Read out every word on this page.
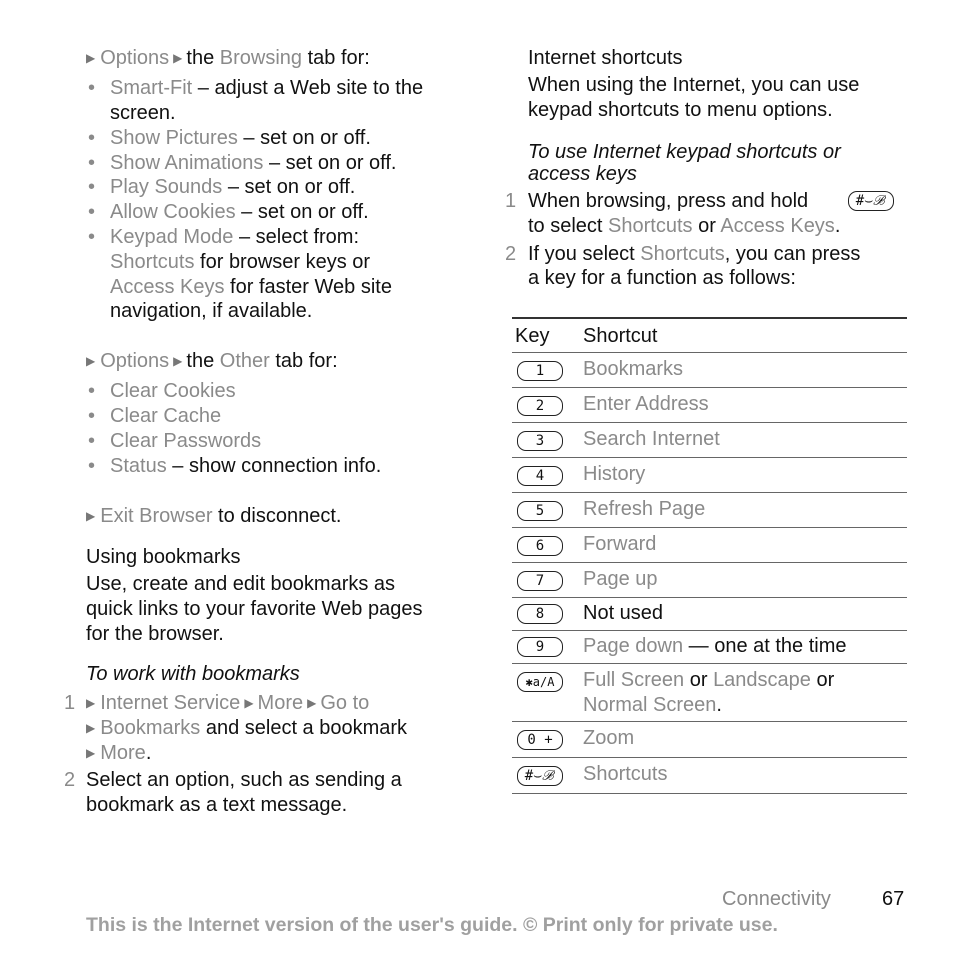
▶ Options ▶ the Browsing tab for:
• Smart-Fit – adjust a Web site to the
screen.
• Show Pictures – set on or off.
• Show Animations – set on or off.
• Play Sounds – set on or off.
• Allow Cookies – set on or off.
• Keypad Mode – select from:
Shortcuts for browser keys or
Access Keys for faster Web site
navigation, if available.
▶ Options ▶ the Other tab for:
• Clear Cookies
• Clear Cache
• Clear Passwords
• Status – show connection info.
▶ Exit Browser to disconnect.
Using bookmarks
Use, create and edit bookmarks as
quick links to your favorite Web pages
for the browser.
To work with bookmarks
1 ▶ Internet Service ▶ More ▶ Go to
▶ Bookmarks and select a bookmark
▶ More.
2 Select an option, such as sending a
bookmark as a text message.
Internet shortcuts
When using the Internet, you can use
keypad shortcuts to menu options.
To use Internet keypad shortcuts or
access keys
1 When browsing, press and hold	#⌣ℬ
to select Shortcuts or Access Keys.
2 If you select Shortcuts, you can press
a key for a function as follows:
Key Shortcut
1	Bookmarks
2	Enter Address
3	Search Internet
4	History
5	Refresh Page
6	Forward
7	Page up
8	Not used
9	Page down — one at the time
✱a/A	Full Screen or Landscape or
Normal Screen.
0 +	Zoom
#⌣ℬ	Shortcuts
Connectivity	67
This is the Internet version of the user's guide. © Print only for private use.
